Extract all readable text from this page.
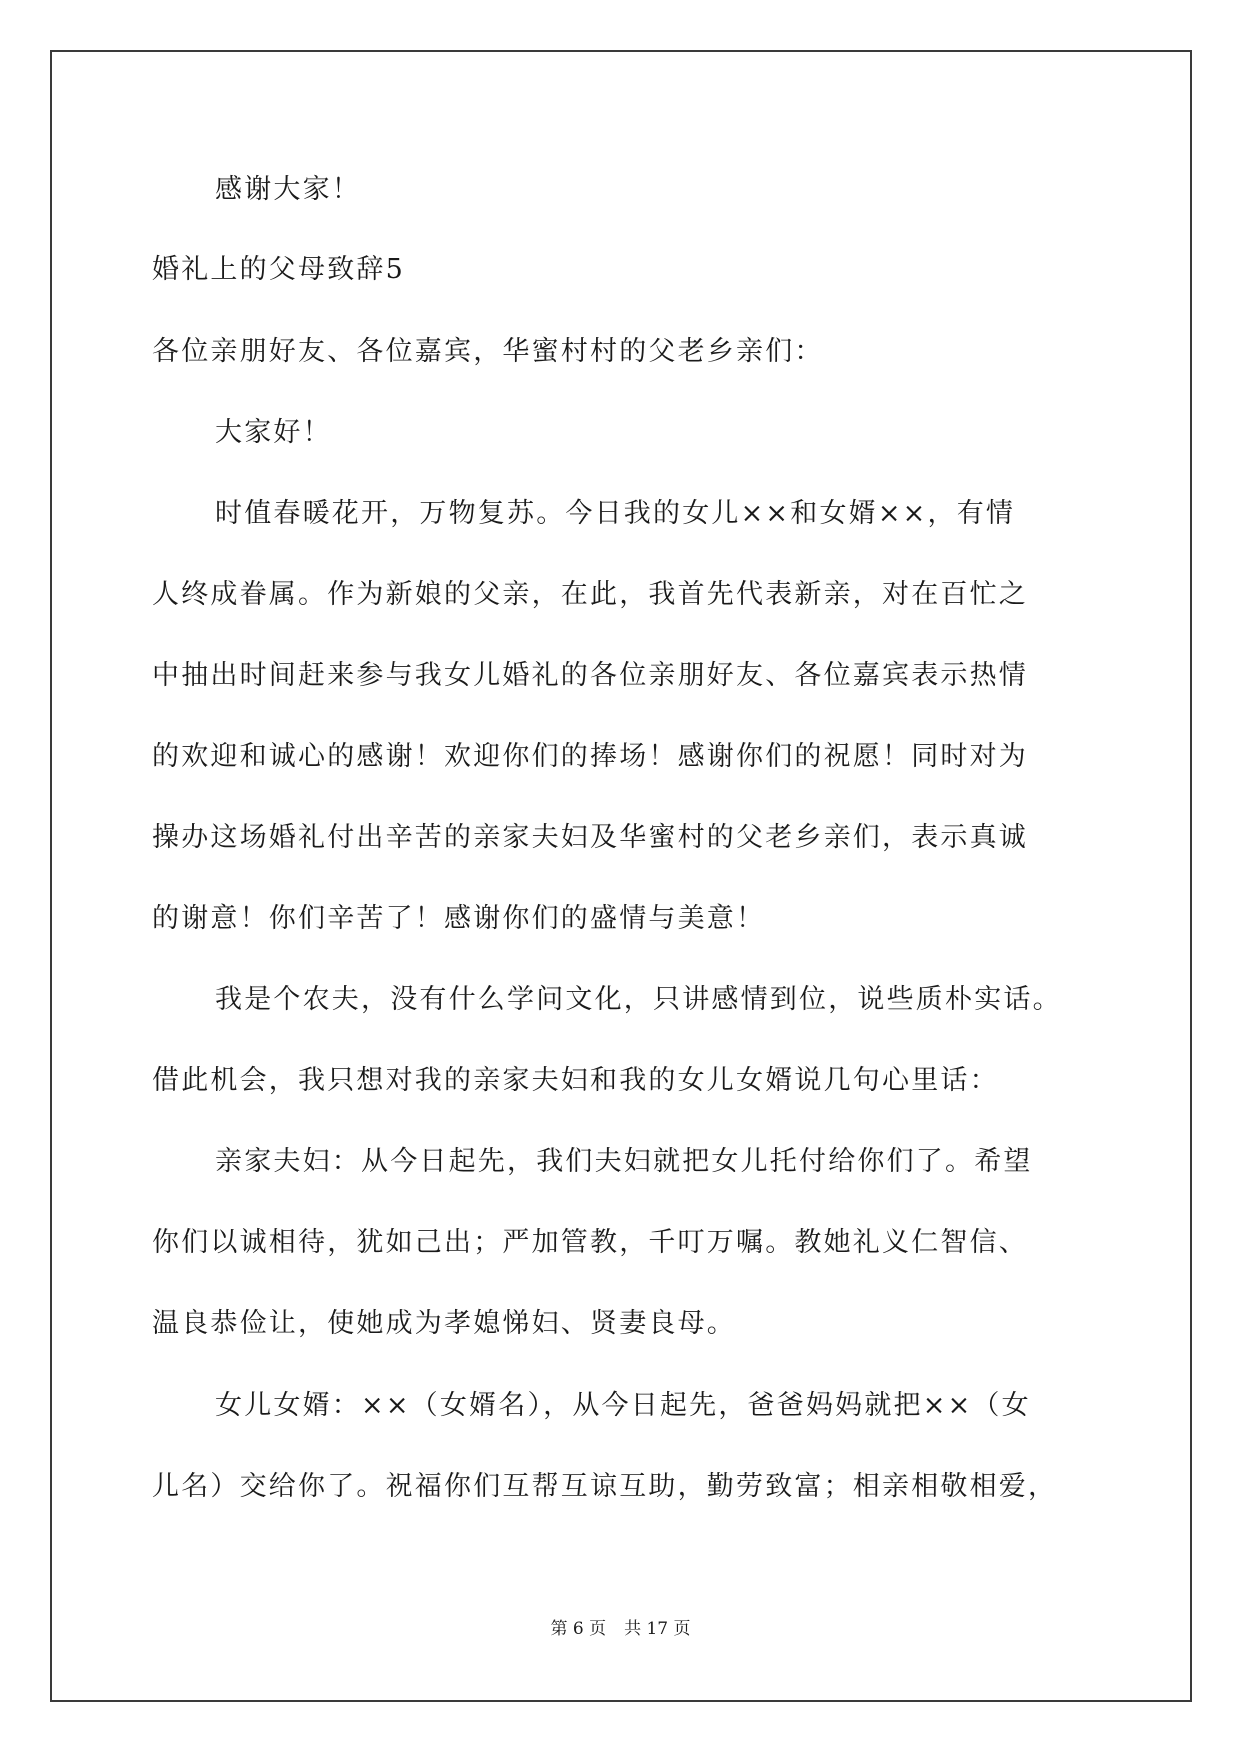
感谢大家！
婚礼上的父母致辞5
各位亲朋好友、各位嘉宾，华蜜村村的父老乡亲们：
大家好！
时值春暖花开，万物复苏。今日我的女儿××和女婿××，有情
人终成眷属。作为新娘的父亲，在此，我首先代表新亲，对在百忙之
中抽出时间赶来参与我女儿婚礼的各位亲朋好友、各位嘉宾表示热情
的欢迎和诚心的感谢！欢迎你们的捧场！感谢你们的祝愿！同时对为
操办这场婚礼付出辛苦的亲家夫妇及华蜜村的父老乡亲们，表示真诚
的谢意！你们辛苦了！感谢你们的盛情与美意！
我是个农夫，没有什么学问文化，只讲感情到位，说些质朴实话。
借此机会，我只想对我的亲家夫妇和我的女儿女婿说几句心里话：
亲家夫妇：从今日起先，我们夫妇就把女儿托付给你们了。希望
你们以诚相待，犹如己出；严加管教，千叮万嘱。教她礼义仁智信、
温良恭俭让，使她成为孝媳悌妇、贤妻良母。
女儿女婿：××（女婿名），从今日起先，爸爸妈妈就把××（女
儿名）交给你了。祝福你们互帮互谅互助，勤劳致富；相亲相敬相爱，
第 6 页 共 17 页
